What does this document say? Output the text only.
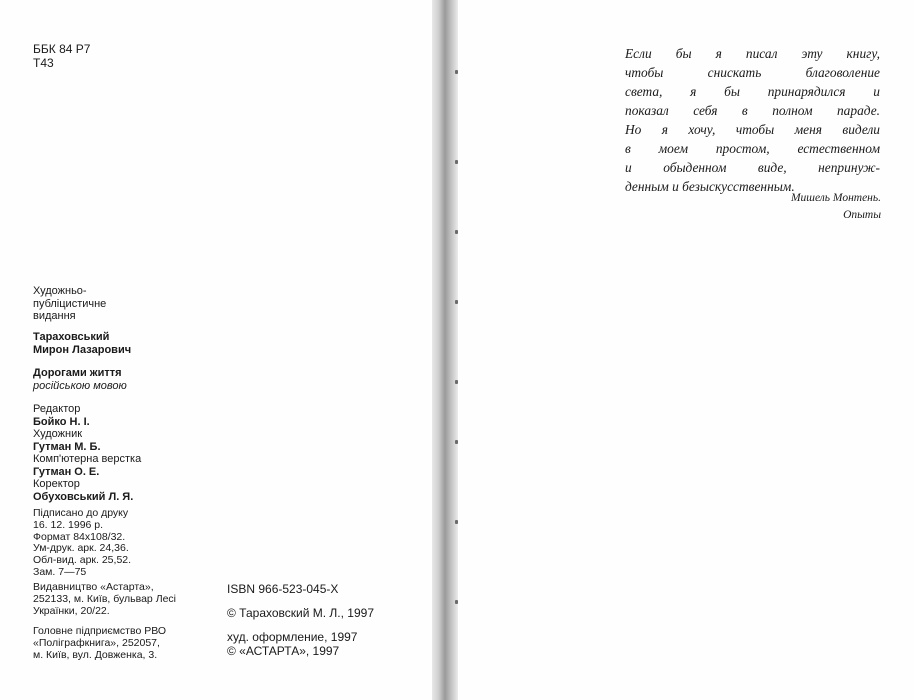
ББК 84 Р7
Т43
Художньо-
публіцистичне
видання
Тараховський
Мирон Лазарович
Дорогами життя
російською мовою
Редактор
Бойко Н. І.
Художник
Гутман М. Б.
Комп'ютерна верстка
Гутман О. Е.
Коректор
Обуховський Л. Я.
Підписано до друку
16. 12. 1996 р.
Формат 84x108/32.
Ум-друк. арк. 24,36.
Обл-вид. арк. 25,52.
Зам. 7—75
Видавництво «Астарта»,
252133, м. Київ, бульвар Лесі
Українки, 20/22.
Головне підприємство РВО
«Поліграфкнига», 252057,
м. Київ, вул. Довженка, 3.
ISBN 966-523-045-X
© Тараховский М. Л., 1997
худ. оформление, 1997
© «АСТАРТА», 1997
Если бы я писал эту книгу,
чтобы снискать благоволение
света, я бы принарядился и
показал себя в полном параде.
Но я хочу, чтобы меня видели
в моем простом, естественном
и обыденном виде, непринуж-
денным и безыскусственным.
Мишель Монтень.
Опыты
